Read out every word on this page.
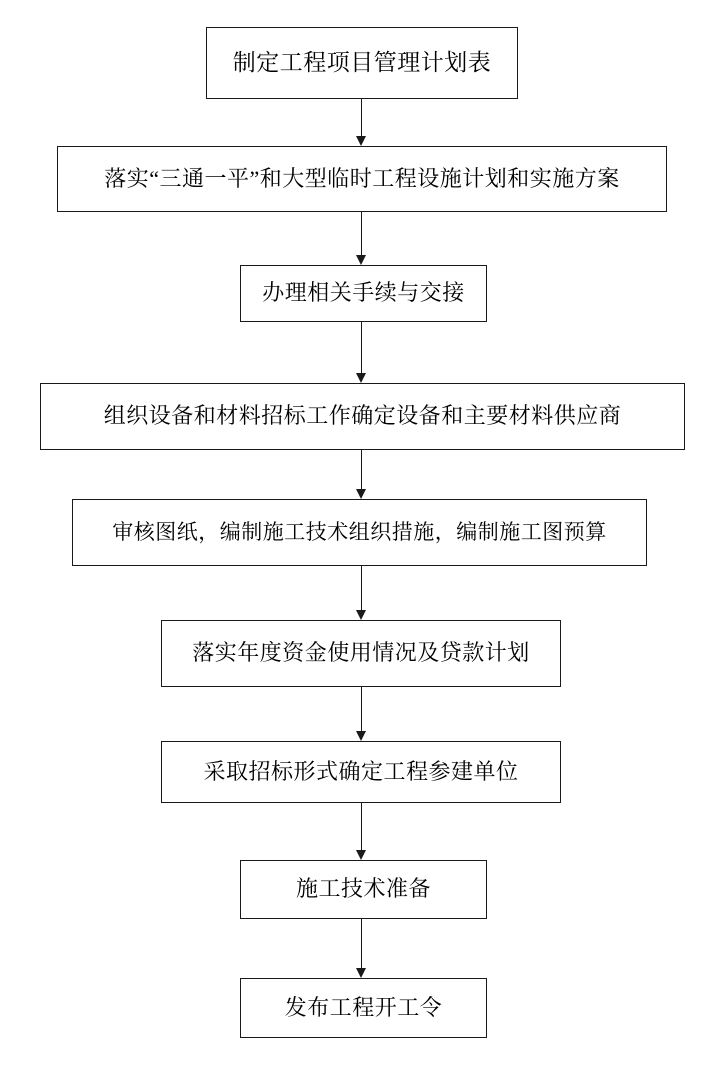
制定工程项目管理计划表
落实“三通一平”和大型临时工程设施计划和实施方案
办理相关手续与交接
组织设备和材料招标工作确定设备和主要材料供应商
审核图纸，编制施工技术组织措施，编制施工图预算
落实年度资金使用情况及贷款计划
采取招标形式确定工程参建单位
施工技术准备
发布工程开工令
